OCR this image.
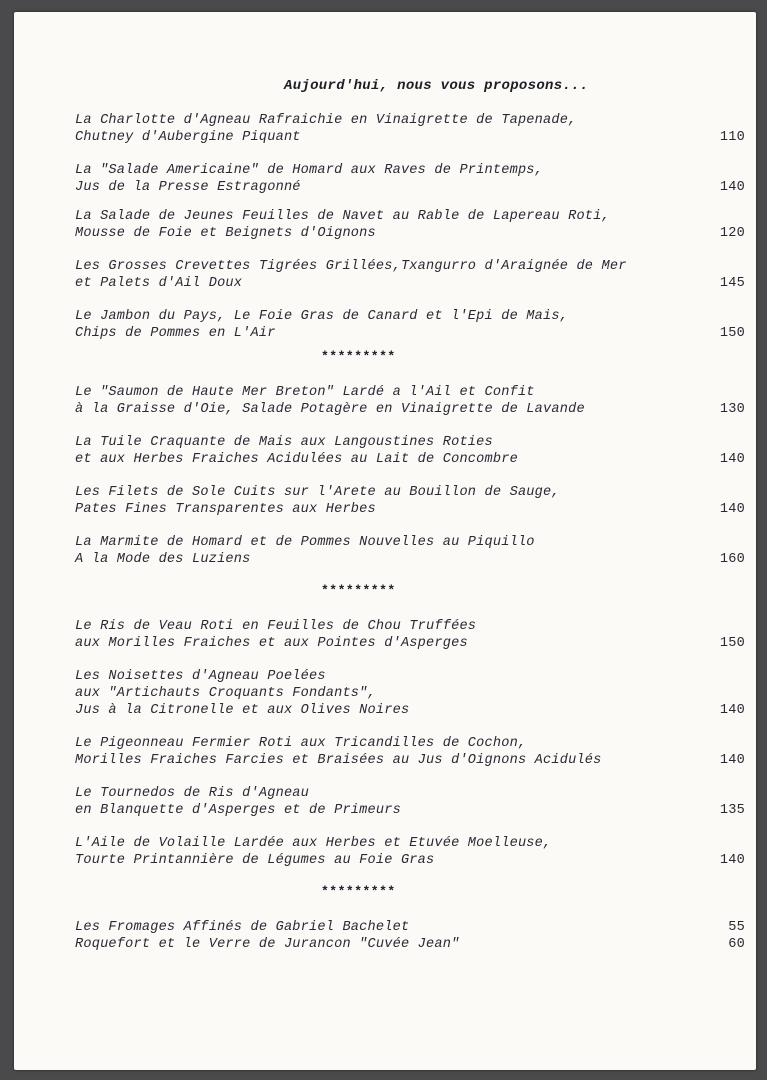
Aujourd'hui, nous vous proposons...
La Charlotte d'Agneau Rafraichie en Vinaigrette de Tapenade,
Chutney d'Aubergine Piquant	110
La "Salade Americaine" de Homard aux Raves de Printemps,
Jus de la Presse Estragonné	140
La Salade de Jeunes Feuilles de Navet au Rable de Lapereau Roti,
Mousse de Foie et Beignets d'Oignons	120
Les Grosses Crevettes Tigrées Grillées,Txangurro d'Araignée de Mer
et Palets d'Ail Doux	145
Le Jambon du Pays, Le Foie Gras de Canard et l'Epi de Mais,
Chips de Pommes en L'Air	150
*********
Le "Saumon de Haute Mer Breton" Lardé a l'Ail et Confit
à la Graisse d'Oie, Salade Potagère en Vinaigrette de Lavande	130
La Tuile Craquante de Mais aux Langoustines Roties
et aux Herbes Fraiches Acidulées au Lait de Concombre	140
Les Filets de Sole Cuits sur l'Arete au Bouillon de Sauge,
Pates Fines Transparentes aux Herbes	140
La Marmite de Homard et de Pommes Nouvelles au Piquillo
A la Mode des Luziens	160
*********
Le Ris de Veau Roti en Feuilles de Chou Truffées
aux Morilles Fraiches et aux Pointes d'Asperges	150
Les Noisettes d'Agneau Poelées
aux "Artichauts Croquants Fondants",
Jus à la Citronelle et aux Olives Noires	140
Le Pigeonneau Fermier Roti aux Tricandilles de Cochon,
Morilles Fraiches Farcies et Braisées au Jus d'Oignons Acidulés	140
Le Tournedos de Ris d'Agneau
en Blanquette d'Asperges et de Primeurs	135
L'Aile de Volaille Lardée aux Herbes et Etuvée Moelleuse,
Tourte Printannière de Légumes au Foie Gras	140
*********
Les Fromages Affinés de Gabriel Bachelet	55
Roquefort et le Verre de Jurancon "Cuvée Jean"	60
